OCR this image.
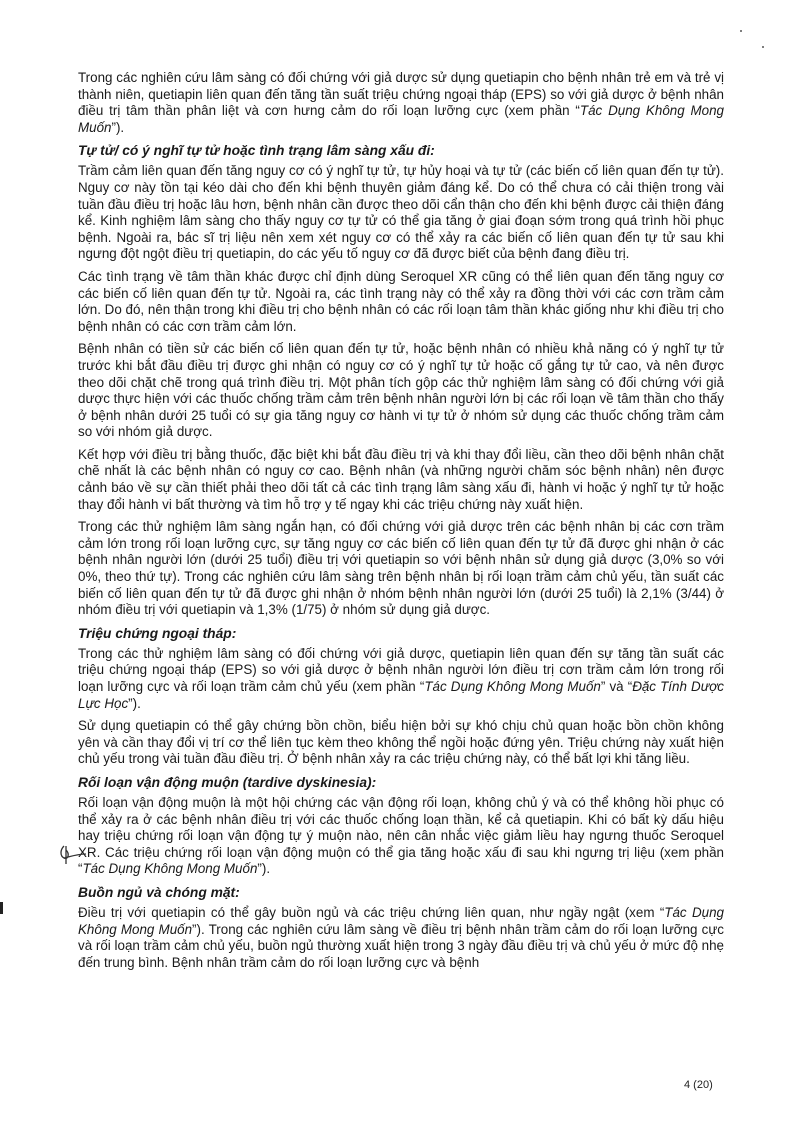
Trong các nghiên cứu lâm sàng có đối chứng với giả dược sử dụng quetiapin cho bệnh nhân trẻ em và trẻ vị thành niên, quetiapin liên quan đến tăng tần suất triệu chứng ngoại tháp (EPS) so với giả dược ở bệnh nhân điều trị tâm thần phân liệt và cơn hưng cảm do rối loạn lưỡng cực (xem phần “Tác Dụng Không Mong Muốn”).

Tự tử/ có ý nghĩ tự tử hoặc tình trạng lâm sàng xấu đi:

Trầm cảm liên quan đến tăng nguy cơ có ý nghĩ tự tử, tự hủy hoại và tự tử (các biến cố liên quan đến tự tử). Nguy cơ này tồn tại kéo dài cho đến khi bệnh thuyên giảm đáng kể. Do có thể chưa có cải thiện trong vài tuần đầu điều trị hoặc lâu hơn, bệnh nhân cần được theo dõi cẩn thận cho đến khi bệnh được cải thiện đáng kể. Kinh nghiệm lâm sàng cho thấy nguy cơ tự tử có thể gia tăng ở giai đoạn sớm trong quá trình hồi phục bệnh. Ngoài ra, bác sĩ trị liệu nên xem xét nguy cơ có thể xảy ra các biến cố liên quan đến tự tử sau khi ngưng đột ngột điều trị quetiapin, do các yếu tố nguy cơ đã được biết của bệnh đang điều trị.

Các tình trạng về tâm thần khác được chỉ định dùng Seroquel XR cũng có thể liên quan đến tăng nguy cơ các biến cố liên quan đến tự tử. Ngoài ra, các tình trạng này có thể xảy ra đồng thời với các cơn trầm cảm lớn. Do đó, nên thận trong khi điều trị cho bệnh nhân có các rối loạn tâm thần khác giống như khi điều trị cho bệnh nhân có các cơn trầm cảm lớn.

Bệnh nhân có tiền sử các biến cố liên quan đến tự tử, hoặc bệnh nhân có nhiều khả năng có ý nghĩ tự tử trước khi bắt đầu điều trị được ghi nhận có nguy cơ có ý nghĩ tự tử hoặc cố gắng tự tử cao, và nên được theo dõi chặt chẽ trong quá trình điều trị. Một phân tích gộp các thử nghiệm lâm sàng có đối chứng với giả dược thực hiện với các thuốc chống trầm cảm trên bệnh nhân người lớn bị các rối loạn về tâm thần cho thấy ở bệnh nhân dưới 25 tuổi có sự gia tăng nguy cơ hành vi tự tử ở nhóm sử dụng các thuốc chống trầm cảm so với nhóm giả dược.

Kết hợp với điều trị bằng thuốc, đặc biệt khi bắt đầu điều trị và khi thay đổi liều, cần theo dõi bệnh nhân chặt chẽ nhất là các bệnh nhân có nguy cơ cao. Bệnh nhân (và những người chăm sóc bệnh nhân) nên được cảnh báo về sự cần thiết phải theo dõi tất cả các tình trạng lâm sàng xấu đi, hành vi hoặc ý nghĩ tự tử hoặc thay đổi hành vi bất thường và tìm hỗ trợ y tế ngay khi các triệu chứng này xuất hiện.

Trong các thử nghiệm lâm sàng ngắn hạn, có đối chứng với giả dược trên các bệnh nhân bị các cơn trầm cảm lớn trong rối loạn lưỡng cực, sự tăng nguy cơ các biến cố liên quan đến tự tử đã được ghi nhận ở các bệnh nhân người lớn (dưới 25 tuổi) điều trị với quetiapin so với bệnh nhân sử dụng giả dược (3,0% so với 0%, theo thứ tự). Trong các nghiên cứu lâm sàng trên bệnh nhân bị rối loạn trầm cảm chủ yếu, tần suất các biến cố liên quan đến tự tử đã được ghi nhận ở nhóm bệnh nhân người lớn (dưới 25 tuổi) là 2,1% (3/44) ở nhóm điều trị với quetiapin và 1,3% (1/75) ở nhóm sử dụng giả dược.

Triệu chứng ngoại tháp:

Trong các thử nghiệm lâm sàng có đối chứng với giả dược, quetiapin liên quan đến sự tăng tần suất các triệu chứng ngoại tháp (EPS) so với giả dược ở bệnh nhân người lớn điều trị cơn trầm cảm lớn trong rối loạn lưỡng cực và rối loạn trầm cảm chủ yếu (xem phần “Tác Dụng Không Mong Muốn” và “Đặc Tính Dược Lực Học”).

Sử dụng quetiapin có thể gây chứng bồn chồn, biểu hiện bởi sự khó chịu chủ quan hoặc bồn chồn không yên và cần thay đổi vị trí cơ thể liên tục kèm theo không thể ngồi hoặc đứng yên. Triệu chứng này xuất hiện chủ yếu trong vài tuần đầu điều trị. Ở bệnh nhân xảy ra các triệu chứng này, có thể bất lợi khi tăng liều.

Rối loạn vận động muộn (tardive dyskinesia):

Rối loạn vận động muộn là một hội chứng các vận động rối loạn, không chủ ý và có thể không hồi phục có thể xảy ra ở các bệnh nhân điều trị với các thuốc chống loạn thần, kể cả quetiapin. Khi có bất kỳ dấu hiệu hay triệu chứng rối loạn vận động tự ý muộn nào, nên cân nhắc việc giảm liều hay ngưng thuốc Seroquel XR. Các triệu chứng rối loạn vận động muộn có thể gia tăng hoặc xấu đi sau khi ngưng trị liệu (xem phần “Tác Dụng Không Mong Muốn”).

Buồn ngủ và chóng mặt:

Điều trị với quetiapin có thể gây buồn ngủ và các triệu chứng liên quan, như ngầy ngật (xem “Tác Dụng Không Mong Muốn”). Trong các nghiên cứu lâm sàng về điều trị bệnh nhân trầm cảm do rối loạn lưỡng cực và rối loạn trầm cảm chủ yếu, buồn ngủ thường xuất hiện trong 3 ngày đầu điều trị và chủ yếu ở mức độ nhẹ đến trung bình. Bệnh nhân trầm cảm do rối loạn lưỡng cực và bệnh

4 (20)
